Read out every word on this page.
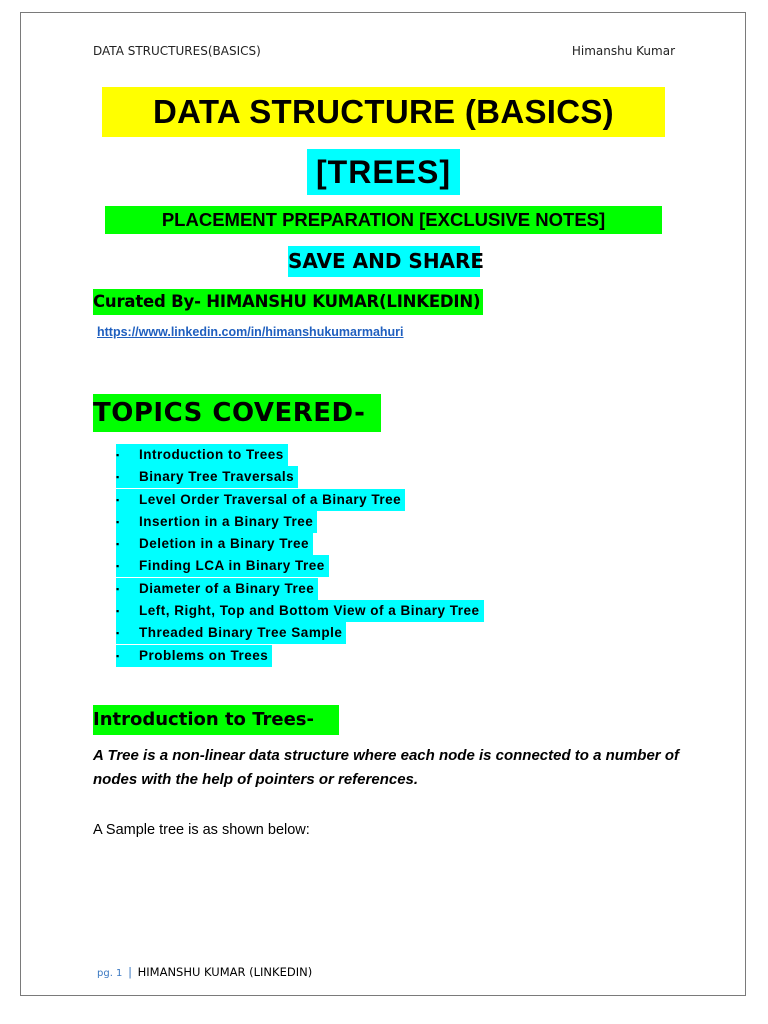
DATA STRUCTURES(BASICS)	Himanshu Kumar
DATA STRUCTURE (BASICS)
[TREES]
PLACEMENT PREPARATION [EXCLUSIVE NOTES]
SAVE AND SHARE
Curated By- HIMANSHU KUMAR(LINKEDIN)
https://www.linkedin.com/in/himanshukumarmahuri
TOPICS COVERED-
▪ Introduction to Trees
▪ Binary Tree Traversals
▪ Level Order Traversal of a Binary Tree
▪ Insertion in a Binary Tree
▪ Deletion in a Binary Tree
▪ Finding LCA in Binary Tree
▪ Diameter of a Binary Tree
▪ Left, Right, Top and Bottom View of a Binary Tree
▪ Threaded Binary Tree Sample
▪ Problems on Trees
Introduction to Trees-
A Tree is a non-linear data structure where each node is connected to a number of nodes with the help of pointers or references.
A Sample tree is as shown below:
pg. 1 | HIMANSHU KUMAR (LINKEDIN)
